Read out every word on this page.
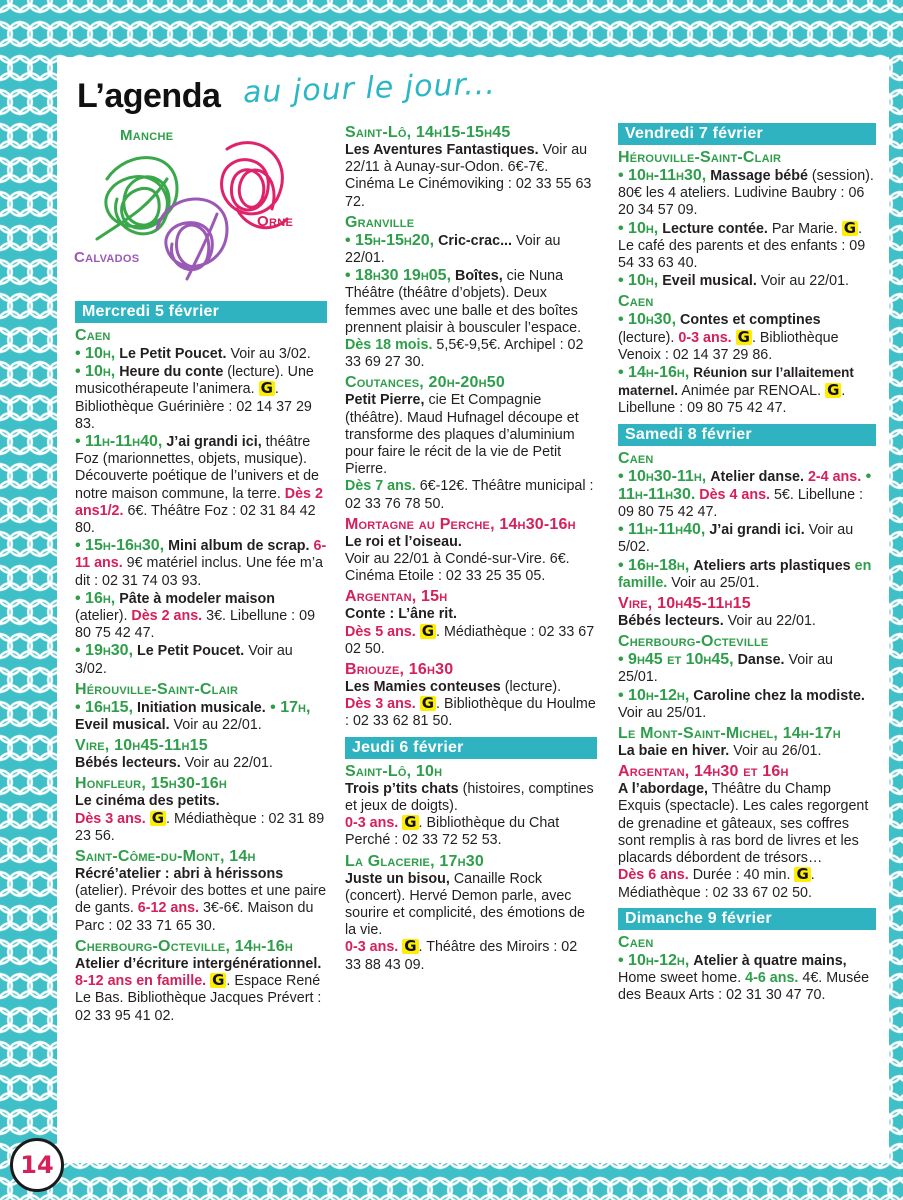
L’agenda au jour le jour...
Manche
Orne
Calvados
Mercredi 5 février
Caen
• 10h, Le Petit Poucet. Voir au 3/02.
• 10h, Heure du conte (lecture). Une musicothérapeute l’animera. G . Bibliothèque Guérinière : 02 14 37 29 83.
• 11h-11h40, J’ai grandi ici, théâtre Foz (marionnettes, objets, musique). Découverte poétique de l’univers et de notre maison commune, la terre. Dès 2 ans1/2. 6€. Théâtre Foz : 02 31 84 42 80.
• 15h-16h30, Mini album de scrap. 6-11 ans. 9€ matériel inclus. Une fée m’a dit : 02 31 74 03 93.
• 16h, Pâte à modeler maison (atelier). Dès 2 ans. 3€. Libellune : 09 80 75 42 47.
• 19h30, Le Petit Poucet. Voir au 3/02.
Hérouville-Saint-Clair
• 16h15, Initiation musicale. • 17h, Eveil musical. Voir au 22/01.
Vire, 10h45-11h15
Bébés lecteurs. Voir au 22/01.
Honfleur, 15h30-16h
Le cinéma des petits.
Dès 3 ans. G . Médiathèque : 02 31 89 23 56.
Saint-Côme-du-Mont, 14h
Récré’atelier : abri à hérissons (atelier). Prévoir des bottes et une paire de gants. 6-12 ans. 3€-6€. Maison du Parc : 02 33 71 65 30.
Cherbourg-Octeville, 14h-16h
Atelier d’écriture intergénérationnel.
8-12 ans en famille. G . Espace René Le Bas. Bibliothèque Jacques Prévert : 02 33 95 41 02.
Saint-Lô, 14h15-15h45
Les Aventures Fantastiques. Voir au 22/11 à Aunay-sur-Odon. 6€-7€. Cinéma Le Cinémoviking : 02 33 55 63 72.
Granville
• 15h-15h20, Cric-crac... Voir au 22/01.
• 18h30 19h05, Boîtes, cie Nuna Théâtre (théâtre d’objets). Deux femmes avec une balle et des boîtes prennent plaisir à bousculer l’espace. Dès 18 mois. 5,5€-9,5€. Archipel : 02 33 69 27 30.
Coutances, 20h-20h50
Petit Pierre, cie Et Compagnie (théâtre). Maud Hufnagel découpe et transforme des plaques d’aluminium pour faire le récit de la vie de Petit Pierre.
Dès 7 ans. 6€-12€. Théâtre municipal : 02 33 76 78 50.
Mortagne au Perche, 14h30-16h
Le roi et l’oiseau.
Voir au 22/01 à Condé-sur-Vire. 6€. Cinéma Etoile : 02 33 25 35 05.
Argentan, 15h
Conte : L’âne rit.
Dès 5 ans. G . Médiathèque : 02 33 67 02 50.
Briouze, 16h30
Les Mamies conteuses (lecture).
Dès 3 ans. G . Bibliothèque du Houlme : 02 33 62 81 50.
Jeudi 6 février
Saint-Lô, 10h
Trois p’tits chats (histoires, comptines et jeux de doigts).
0-3 ans. G . Bibliothèque du Chat Perché : 02 33 72 52 53.
La Glacerie, 17h30
Juste un bisou, Canaille Rock (concert). Hervé Demon parle, avec sourire et complicité, des émotions de la vie.
0-3 ans. G . Théâtre des Miroirs : 02 33 88 43 09.
Vendredi 7 février
Hérouville-Saint-Clair
• 10h-11h30, Massage bébé (session). 80€ les 4 ateliers. Ludivine Baubry : 06 20 34 57 09.
• 10h, Lecture contée. Par Marie. G . Le café des parents et des enfants : 09 54 33 63 40.
• 10h, Eveil musical. Voir au 22/01.
Caen
• 10h30, Contes et comptines (lecture). 0-3 ans. G . Bibliothèque Venoix : 02 14 37 29 86.
• 14h-16h, Réunion sur l’allaitement maternel. Animée par RENOAL. G . Libellune : 09 80 75 42 47.
Samedi 8 février
Caen
• 10h30-11h, Atelier danse. 2-4 ans. • 11h-11h30. Dès 4 ans. 5€. Libellune : 09 80 75 42 47.
• 11h-11h40, J’ai grandi ici. Voir au 5/02.
• 16h-18h, Ateliers arts plastiques en famille. Voir au 25/01.
Vire, 10h45-11h15
Bébés lecteurs. Voir au 22/01.
Cherbourg-Octeville
• 9h45 et 10h45, Danse. Voir au 25/01.
• 10h-12h, Caroline chez la modiste. Voir au 25/01.
Le Mont-Saint-Michel, 14h-17h
La baie en hiver. Voir au 26/01.
Argentan, 14h30 et 16h
A l’abordage, Théâtre du Champ Exquis (spectacle). Les cales regorgent de grenadine et gâteaux, ses coffres sont remplis à ras bord de livres et les placards débordent de trésors…
Dès 6 ans. Durée : 40 min. G . Médiathèque : 02 33 67 02 50.
Dimanche 9 février
Caen
• 10h-12h, Atelier à quatre mains, Home sweet home. 4-6 ans. 4€. Musée des Beaux Arts : 02 31 30 47 70.
14
